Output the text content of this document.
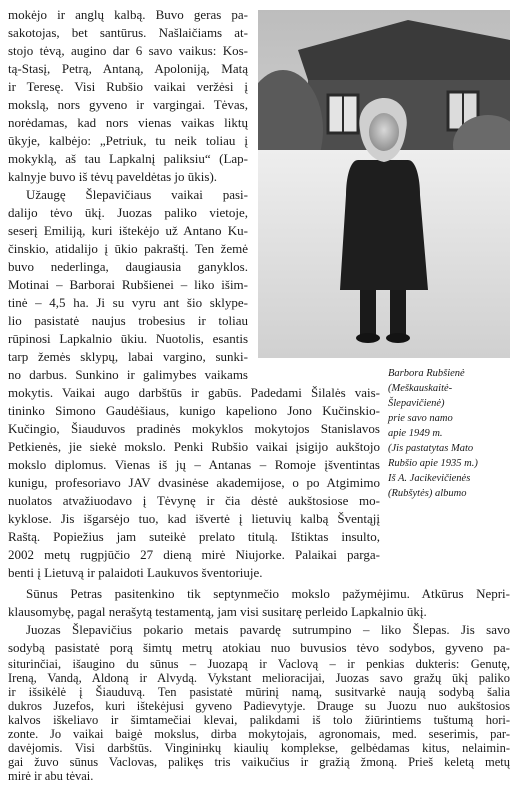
mokėjo ir anglų kalbą. Buvo geras pa-
sakotojas, bet santūrus. Našlaičiams at-
stojo tėvą, augino dar 6 savo vaikus: Kos-
tą-Stasį, Petrą, Antaną, Apoloniją, Matą
ir Teresę. Visi Rubšio vaikai veržėsi į
mokslą, nors gyveno ir vargingai. Tėvas,
norėdamas, kad nors vienas vaikas liktų
ūkyje, kalbėjo: „Petriuk, tu neik toliau į
mokyklą, aš tau Lapkalnį paliksiu“ (Lap-
kalnyje buvo iš tėvų paveldėtas jo ūkis).
Užaugę Šlepavičiaus vaikai pasi-
dalijo tėvo ūkį. Juozas paliko vietoje,
seserį Emiliją, kuri ištekėjo už Antano Ku-
činskio, atidalijo į ūkio pakraštį. Ten žemė
buvo nederlinga, daugiausia ganyklos.
Motinai – Barborai Rubšienei – liko išim-
tinė – 4,5 ha. Ji su vyru ant šio sklype-
lio pasistatė naujus trobesius ir toliau
rūpinosi Lapkalnio ūkiu. Nuotolis, esantis
tarp žemės sklypų, labai vargino, sunki-
no darbus. Sunkino ir galimybes vaikams
mokytis. Vaikai augo darbštūs ir gabūs. Padedami Šilalės vais-
tininko Simono Gaudėšiaus, kunigo kapeliono Jono Kučinskio-
Kučingio, Šiauduvos pradinės mokyklos mokytojos Stanislavos
Petkienės, jie siekė mokslo. Penki Rubšio vaikai įsigijo aukštojo
mokslo diplomus. Vienas iš jų – Antanas – Romoje įšventintas
kunigu, profesoriavo JAV dvasinėse akademijose, o po Atgimimo
nuolatos atvažiuodavo į Tėvynę ir čia dėstė aukštosiose mo-
kyklose. Jis išgarsėjo tuo, kad išvertė į lietuvių kalbą Šventąjį
Raštą. Popiežius jam suteikė prelato titulą. Ištiktas insulto,
2002 metų rugpjūčio 27 dieną mirė Niujorke. Palaikai parga-
benti į Lietuvą ir palaidoti Laukuvos šventoriuje.
Sūnus Petras pasitenkino tik septynmečio mokslo pažymėjimu. Atkūrus Nepri-
klausomybę, pagal nerašytą testamentą, jam visi susitarę perleido Lapkalnio ūkį.
Juozas Šlepavičius pokario metais pavardę sutrumpino – liko Šlepas. Jis savo
sodybą pasistatė porą šimtų metrų atokiau nuo buvusios tėvo sodybos, gyveno pa-
Barbora Rubšienė
(Meškauskaitė-
Šlepavičienė)
prie savo namo
apie 1949 m.
(Jis pastatytas Mato
Rubšio apie 1935 m.)
Iš A. Jacikevičienės
(Rubšytės) albumo
siturinčiai, išaugino du sūnus – Juozapą ir Vaclovą – ir penkias dukteris: Genutę,
Ireną, Vandą, Aldoną ir Alvydą. Vykstant melioracijai, Juozas savo gražų ūkį paliko
ir išsikėlė į Šiauduvą. Ten pasistatė mūrinį namą, susitvarkė naują sodybą šalia
dukros Juzefos, kuri ištekėjusi gyveno Padievytyje. Drauge su Juozu nuo aukštosios
kalvos iškeliavo ir šimtamečiai klevai, palikdami iš tolo žiūrintiems tuštumą hori-
zonte. Jo vaikai baigė mokslus, dirba mokytojais, agronomais, med. seserimis, par-
davėjomis. Visi darbštūs. Vinginінkų kiaulių komplekse, gelbėdamas kitus, nelaimin-
gai žuvo sūnus Vaclovas, palikęs tris vaikučius ir gražią žmoną. Prieš keletą metų
mirė ir abu tėvai.
